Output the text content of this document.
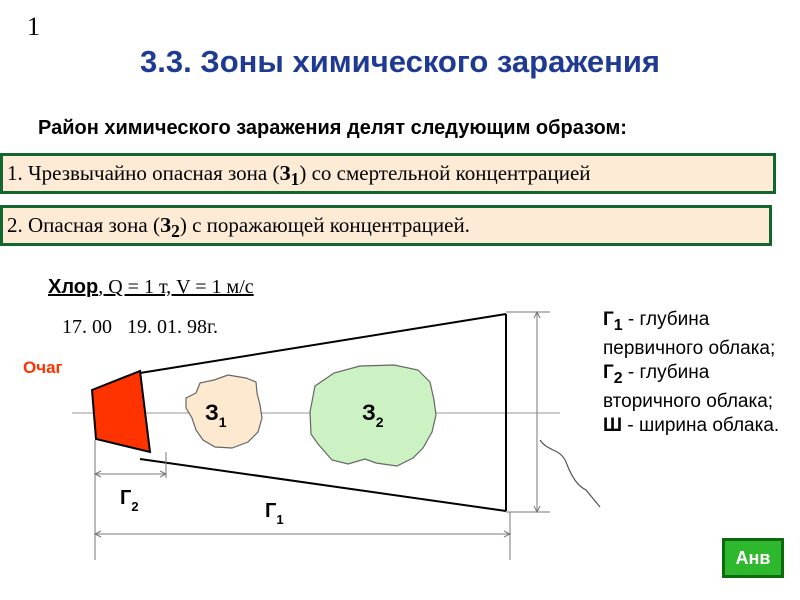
1
3.3. Зоны химического заражения
Район химического заражения делят следующим образом:
1. Чрезвычайно опасная зона $(З_1)$ со смертельной концентрацией
2. Опасная зона $(З_2)$ с поражающей концентрацией.
Хлор, Q = 1 т, V = 1 м/с
17. 00   19. 01. 98г.
Очаг
$З_1$	$З_2$
$Г_2$	$Г_1$
$Г_1$ - глубина первичного облака;
$Г_2$ - глубина вторичного облака;
Ш - ширина облака.
Анв
